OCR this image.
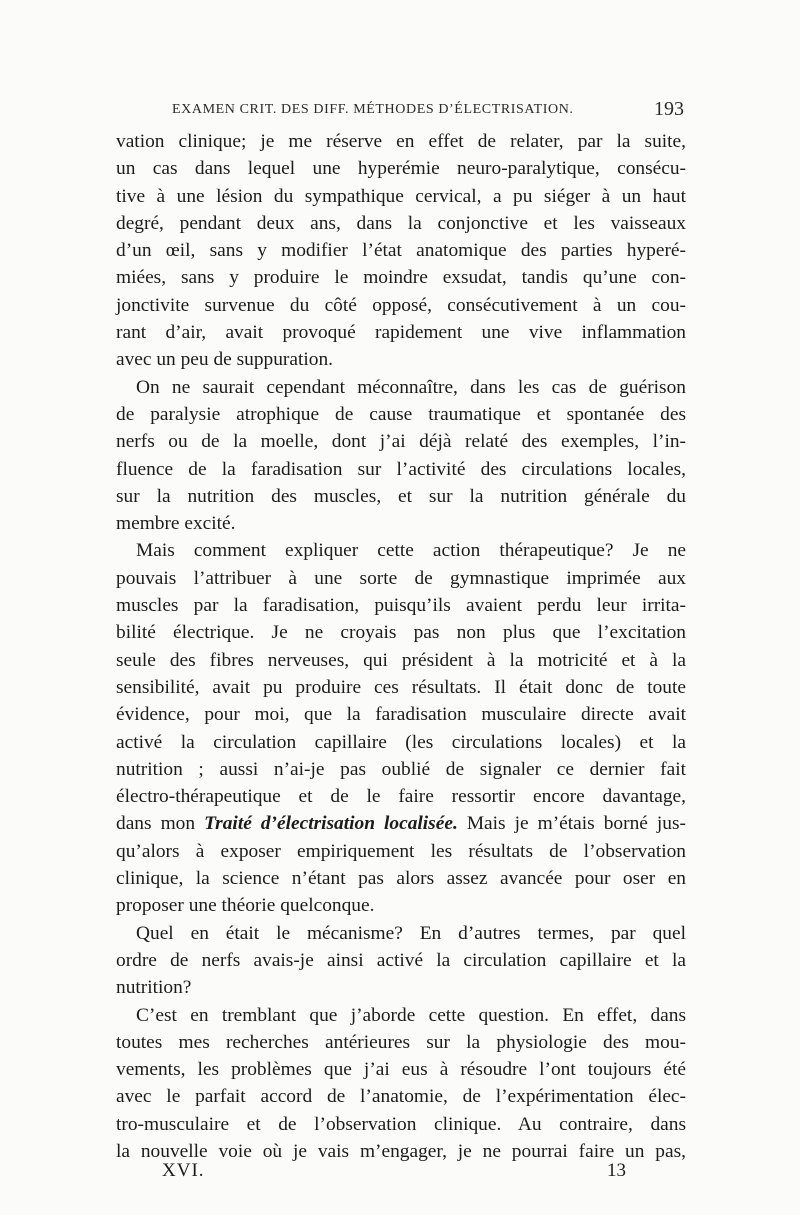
EXAMEN CRIT. DES DIFF. MÉTHODES D’ÉLECTRISATION.	193
vation clinique; je me réserve en effet de relater, par la suite,
un cas dans lequel une hyperémie neuro-paralytique, consécu-
tive à une lésion du sympathique cervical, a pu siéger à un haut
degré, pendant deux ans, dans la conjonctive et les vaisseaux
d’un œil, sans y modifier l’état anatomique des parties hyperé-
miées, sans y produire le moindre exsudat, tandis qu’une con-
jonctivite survenue du côté opposé, consécutivement à un cou-
rant d’air, avait provoqué rapidement une vive inflammation
avec un peu de suppuration.
On ne saurait cependant méconnaître, dans les cas de guérison
de paralysie atrophique de cause traumatique et spontanée des
nerfs ou de la moelle, dont j’ai déjà relaté des exemples, l’in-
fluence de la faradisation sur l’activité des circulations locales,
sur la nutrition des muscles, et sur la nutrition générale du
membre excité.
Mais comment expliquer cette action thérapeutique? Je ne
pouvais l’attribuer à une sorte de gymnastique imprimée aux
muscles par la faradisation, puisqu’ils avaient perdu leur irrita-
bilité électrique. Je ne croyais pas non plus que l’excitation
seule des fibres nerveuses, qui président à la motricité et à la
sensibilité, avait pu produire ces résultats. Il était donc de toute
évidence, pour moi, que la faradisation musculaire directe avait
activé la circulation capillaire (les circulations locales) et la
nutrition ; aussi n’ai-je pas oublié de signaler ce dernier fait
électro-thérapeutique et de le faire ressortir encore davantage,
dans mon Traité d’électrisation localisée. Mais je m’étais borné jus-
qu’alors à exposer empiriquement les résultats de l’observation
clinique, la science n’étant pas alors assez avancée pour oser en
proposer une théorie quelconque.
Quel en était le mécanisme? En d’autres termes, par quel
ordre de nerfs avais-je ainsi activé la circulation capillaire et la
nutrition?
C’est en tremblant que j’aborde cette question. En effet, dans
toutes mes recherches antérieures sur la physiologie des mou-
vements, les problèmes que j’ai eus à résoudre l’ont toujours été
avec le parfait accord de l’anatomie, de l’expérimentation élec-
tro-musculaire et de l’observation clinique. Au contraire, dans
la nouvelle voie où je vais m’engager, je ne pourrai faire un pas,
XVI.	13
